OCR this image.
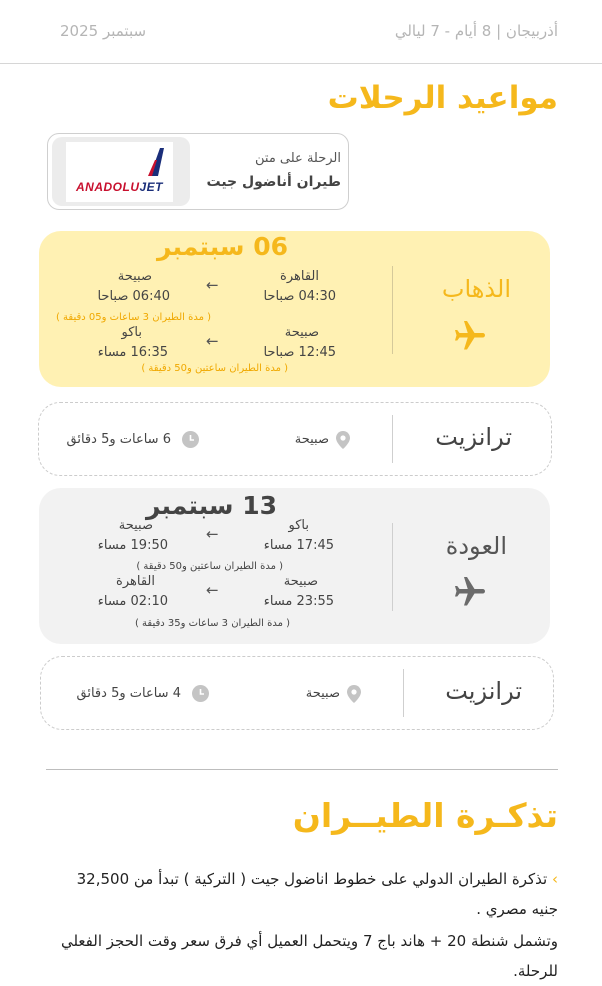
سبتمبر 2025	أذربيجان | 8 أيام - 7 ليالي
مواعيد الرحلات
ANADOLUJET
الرحلة على متن
طيران أناضول جيت
06 سبتمبر
الذهاب
القاهرة
04:30 صباحا
←
صبيحة
06:40 صباحا
( مدة الطيران 3 ساعات و05 دقيقة )
صبيحة
12:45 صباحا
←
باكو
16:35 مساء
( مدة الطيران ساعتين و50 دقيقة )
ترانزيت
صبيحة
6 ساعات و5 دقائق
13 سبتمبر
العودة
باكو
17:45 مساء
←
صبيحة
19:50 مساء
( مدة الطيران ساعتين و50 دقيقة )
صبيحة
23:55 مساء
←
القاهرة
02:10 مساء
( مدة الطيران 3 ساعات و35 دقيقة )
ترانزيت
صبيحة
4 ساعات و5 دقائق
تذكـرة الطيــران
› تذكرة الطيران الدولي على خطوط اناضول جيت ( التركية ) تبدأ من 32,500 جنيه مصري .
وتشمل شنطة 20 + هاند باج 7 ويتحمل العميل أي فرق سعر وقت الحجز الفعلي للرحلة.
